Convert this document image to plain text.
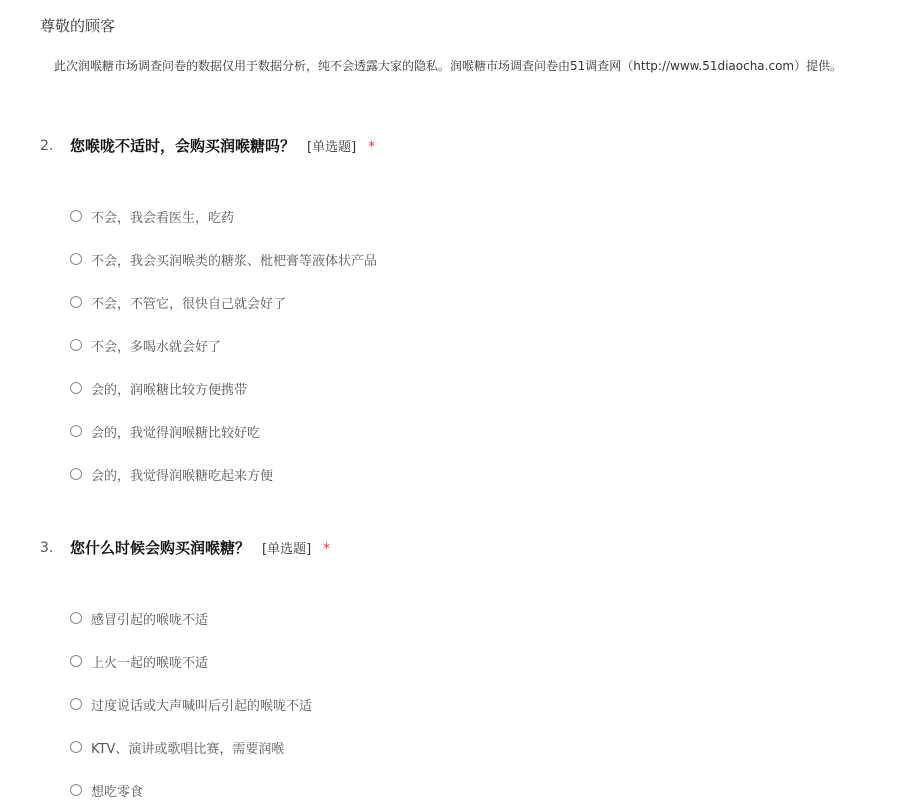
尊敬的顾客
此次润喉糖市场调查问卷的数据仅用于数据分析，纯不会透露大家的隐私。润喉糖市场调查问卷由51调查网（http://www.51diaocha.com）提供。
2. 您喉咙不适时，会购买润喉糖吗？ [单选题] *
不会，我会看医生，吃药
不会，我会买润喉类的糖浆、枇杷膏等液体状产品
不会，不管它，很快自己就会好了
不会，多喝水就会好了
会的，润喉糖比较方便携带
会的，我觉得润喉糖比较好吃
会的，我觉得润喉糖吃起来方便
3. 您什么时候会购买润喉糖？ [单选题] *
感冒引起的喉咙不适
上火一起的喉咙不适
过度说话或大声喊叫后引起的喉咙不适
KTV、演讲或歌唱比赛，需要润喉
想吃零食
